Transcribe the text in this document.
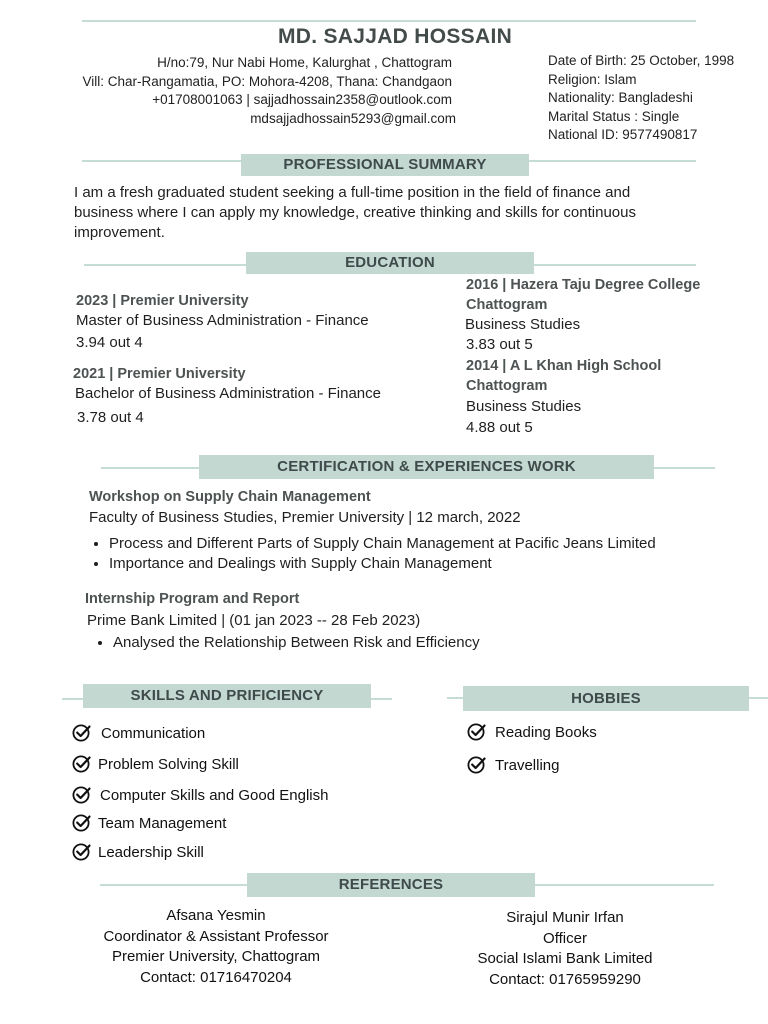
MD. SAJJAD HOSSAIN
H/no:79, Nur Nabi Home, Kalurghat , Chattogram
Vill: Char-Rangamatia, PO: Mohora-4208, Thana: Chandgaon
+01708001063 | sajjadhossain2358@outlook.com
mdsajjadhossain5293@gmail.com
Date of Birth: 25 October, 1998
Religion: Islam
Nationality: Bangladeshi
Marital Status : Single
National ID: 9577490817
PROFESSIONAL SUMMARY
I am a fresh graduated student seeking a full-time position in the field of finance and business where I can apply my knowledge, creative thinking and skills for continuous improvement.
EDUCATION
2023 | Premier University
Master of Business Administration - Finance
3.94 out 4
2021 | Premier University
Bachelor of Business Administration - Finance
3.78 out 4
2016 | Hazera Taju Degree College Chattogram
Business Studies
3.83 out 5
2014 | A L Khan High School Chattogram
Business Studies
4.88 out 5
CERTIFICATION & EXPERIENCES WORK
Workshop on Supply Chain Management
Faculty of Business Studies, Premier University | 12 march, 2022
• Process and Different Parts of Supply Chain Management at Pacific Jeans Limited
• Importance and Dealings with Supply Chain Management
Internship Program and Report
Prime Bank Limited | (01 jan 2023 -- 28 Feb 2023)
• Analysed the Relationship Between Risk and Efficiency
SKILLS AND PRIFICIENCY
Communication
Problem Solving Skill
Computer Skills and Good English
Team Management
Leadership Skill
HOBBIES
Reading Books
Travelling
REFERENCES
Afsana Yesmin
Coordinator & Assistant Professor
Premier University, Chattogram
Contact: 01716470204
Sirajul Munir Irfan
Officer
Social Islami Bank Limited
Contact: 01765959290
